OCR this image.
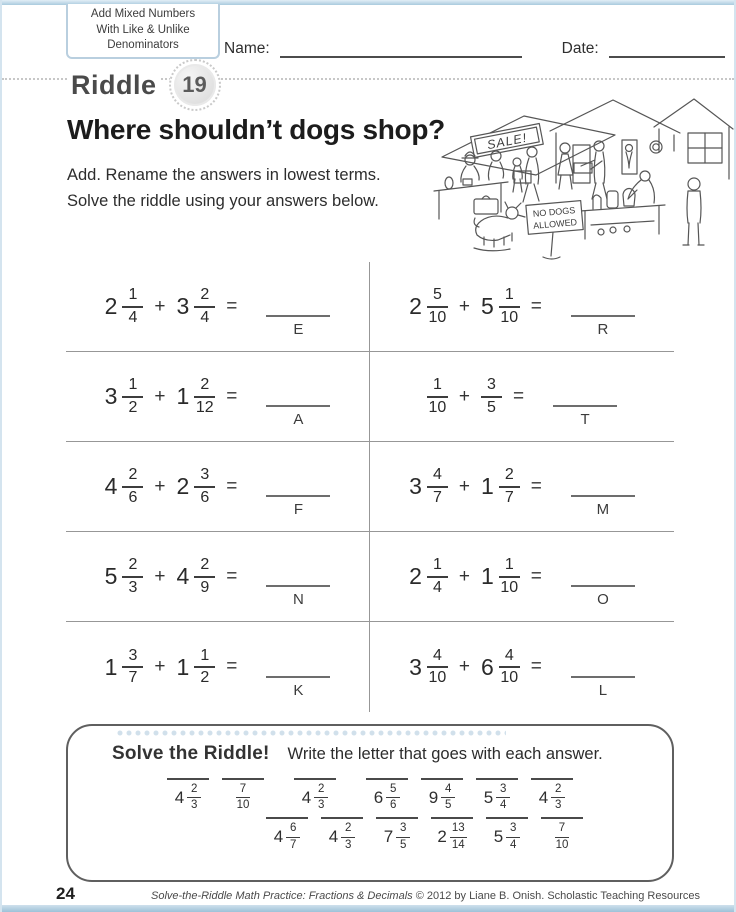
Add Mixed Numbers
With Like & Unlike
Denominators
Riddle	19
Name:	Date:
Where shouldn’t dogs shop?

Add. Rename the answers in lowest terms.
Solve the riddle using your answers below.

SALE!
NO DOGS
ALLOWED
$2 \frac{1}{4} + 3 \frac{2}{4}$ =
E
$2 \frac{5}{10} + 5 \frac{1}{10}$ =
R
$3 \frac{1}{2} + 1 \frac{2}{12}$ =
A
$\frac{1}{10} + \frac{3}{5}$ =
T
$4 \frac{2}{6} + 2 \frac{3}{6}$ =
F
$3 \frac{4}{7} + 1 \frac{2}{7}$ =
M
$5 \frac{2}{3} + 4 \frac{2}{9}$ =
N
$2 \frac{1}{4} + 1 \frac{1}{10}$ =
O
$1 \frac{3}{7} + 1 \frac{1}{2}$ =
K
$3 \frac{4}{10} + 6 \frac{4}{10}$ =
L
Solve the Riddle! Write the letter that goes with each answer.
$4 \frac{2}{3}$	$\frac{7}{10}$	$4 \frac{2}{3}$	$6 \frac{5}{6} 9 \frac{4}{5} 5 \frac{3}{4} 4 \frac{2}{3}$
$4 \frac{6}{7} 4 \frac{2}{3} 7 \frac{3}{5} 2 \frac{13}{14} 5 \frac{3}{4}$	$\frac{7}{10}$
24	Solve-the-Riddle Math Practice: Fractions & Decimals © 2012 by Liane B. Onish. Scholastic Teaching Resources
